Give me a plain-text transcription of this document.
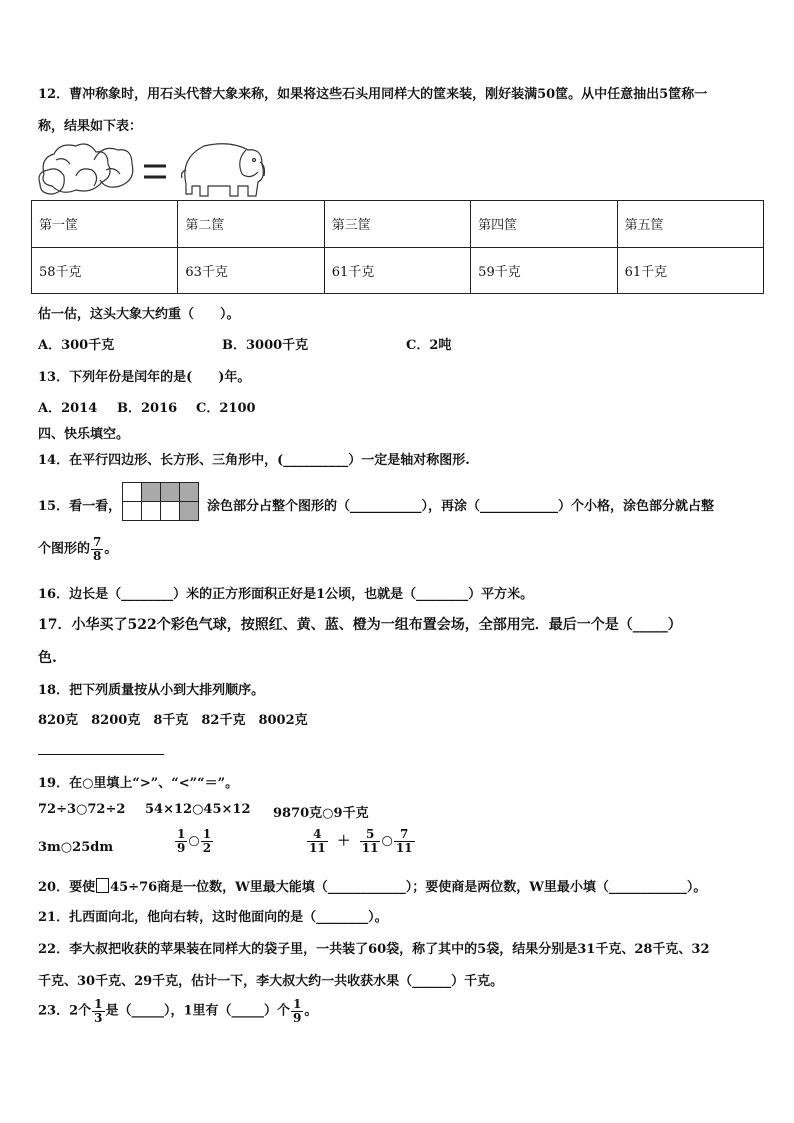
12．曹冲称象时，用石头代替大象来称，如果将这些石头用同样大的筐来装，刚好装满50筐。从中任意抽出5筐称一
称，结果如下表：
第一筐	第二筐	第三筐	第四筐	第五筐
58千克	63千克	61千克	59千克	61千克
估一估，这头大象大约重（　　）。
A．300千克	B．3000千克	C．2吨
13．下列年份是闰年的是(　　)年。
A．2014 B．2016 C．2100
四、快乐填空。
14．在平行四边形、长方形、三角形中，(__________）一定是轴对称图形.
15．看一看，

				涂色部分占整个图形的（___________），再涂（____________）个小格，涂色部分就占整
个图形的 $\frac{7}{8}$ 。
16．边长是（________）米的正方形面积正好是1公顷，也就是（________）平方米。
17．小华买了522个彩色气球，按照红、黄、蓝、橙为一组布置会场，全部用完．最后一个是（_____）
色.
18．把下列质量按从小到大排列顺序。
820克　8200克　8千克　82千克　8002克
19．在○里填上“>”、“<”“＝”。
72÷3○72÷2 54×12○45×12 9870克○9千克
3m○25dm	$\frac{1}{9}$ ○ $\frac{1}{2}$	$\frac{4}{11} + \frac{5}{11}$ ○ $\frac{7}{11}$
20．要使 45÷76商是一位数，W里最大能填（____________）；要使商是两位数，W里最小填（____________）。
21．扎西面向北，他向右转，这时他面向的是（________）。
22．李大叔把收获的苹果装在同样大的袋子里，一共装了60袋，称了其中的5袋，结果分别是31千克、28千克、32
千克、30千克、29千克，估计一下，李大叔大约一共收获水果（______）千克。
23．2个 $\frac{1}{3}$ 是（_____），1里有（_____）个 $\frac{1}{9}$ 。
